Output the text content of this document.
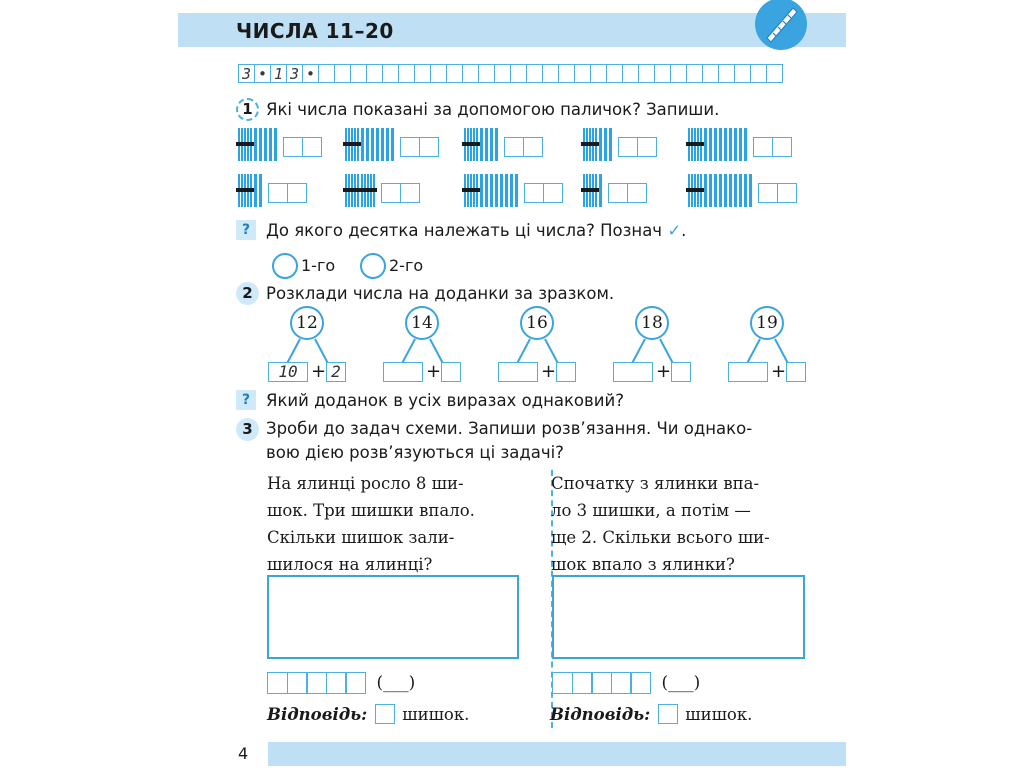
ЧИСЛА 11–20
3 • 1 3 •
1 Які числа показані за допомогою паличок? Запиши.
? До якого десятка належать ці числа? Познач ✓.
1-го	2-го
2 Розклади числа на доданки за зразком.
12
10 + 2
14
+
16
+
18
+
19
+
? Який доданок в усіх виразах однаковий?
3 Зроби до задач схеми. Запиши розв’язання. Чи однако-
вою дією розв’язуються ці задачі?
На ялинці росло 8 ши-
шок. Три шишки впало.
Скільки шишок зали-
шилося на ялинці?
(___)
Відповідь: шишок.
Спочатку з ялинки впа-
ло 3 шишки, а потім —
ще 2. Скільки всього ши-
шок впало з ялинки?
(___)
Відповідь: шишок.
4
